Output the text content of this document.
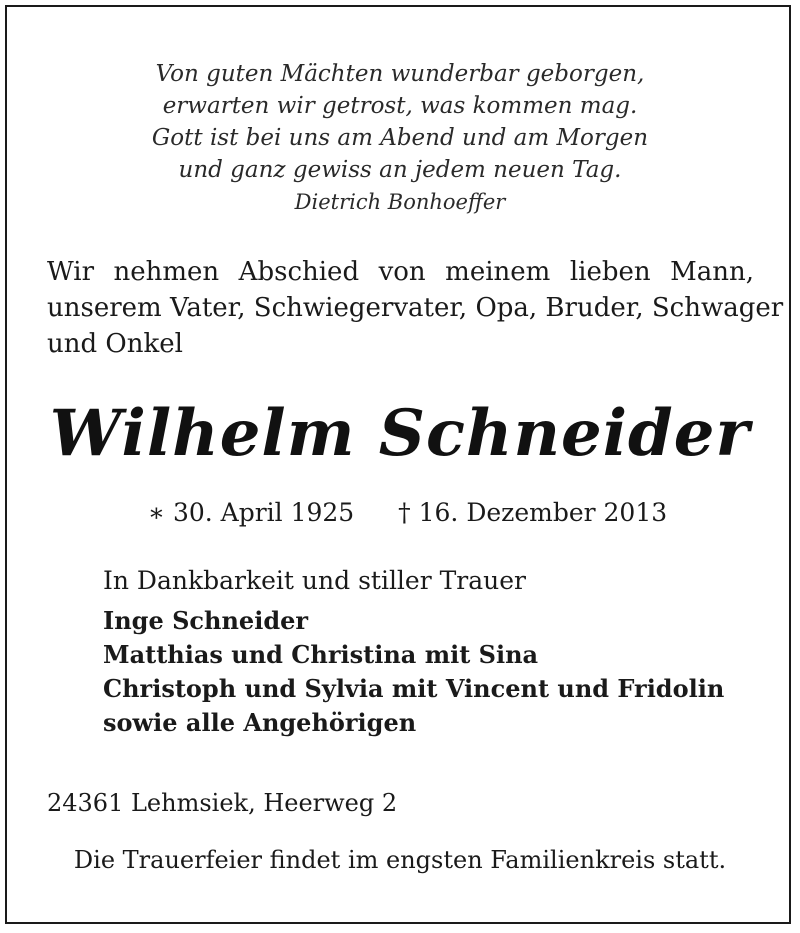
Von guten Mächten wunderbar geborgen,
erwarten wir getrost, was kommen mag.
Gott ist bei uns am Abend und am Morgen
und ganz gewiss an jedem neuen Tag.
Dietrich Bonhoeffer
Wir nehmen Abschied von meinem lieben Mann,
unserem Vater, Schwiegervater, Opa, Bruder, Schwager
und Onkel
Wilhelm Schneider
∗ 30. April 1925 † 16. Dezember 2013
In Dankbarkeit und stiller Trauer
Inge Schneider
Matthias und Christina mit Sina
Christoph und Sylvia mit Vincent und Fridolin
sowie alle Angehörigen
24361 Lehmsiek, Heerweg 2
Die Trauerfeier findet im engsten Familienkreis statt.
